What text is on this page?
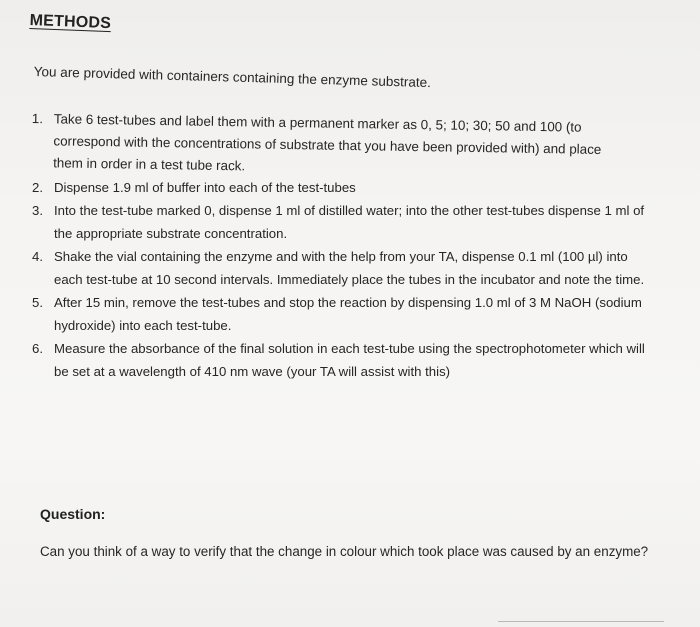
METHODS
You are provided with containers containing the enzyme substrate.
1. Take 6 test-tubes and label them with a permanent marker as 0, 5; 10; 30; 50 and 100 (to correspond with the concentrations of substrate that you have been provided with) and place them in order in a test tube rack.
2. Dispense 1.9 ml of buffer into each of the test-tubes
3. Into the test-tube marked 0, dispense 1 ml of distilled water; into the other test-tubes dispense 1 ml of the appropriate substrate concentration.
4. Shake the vial containing the enzyme and with the help from your TA, dispense 0.1 ml (100 µl) into each test-tube at 10 second intervals. Immediately place the tubes in the incubator and note the time.
5. After 15 min, remove the test-tubes and stop the reaction by dispensing 1.0 ml of 3 M NaOH (sodium hydroxide) into each test-tube.
6. Measure the absorbance of the final solution in each test-tube using the spectrophotometer which will be set at a wavelength of 410 nm wave (your TA will assist with this)
Question:
Can you think of a way to verify that the change in colour which took place was caused by an enzyme?
